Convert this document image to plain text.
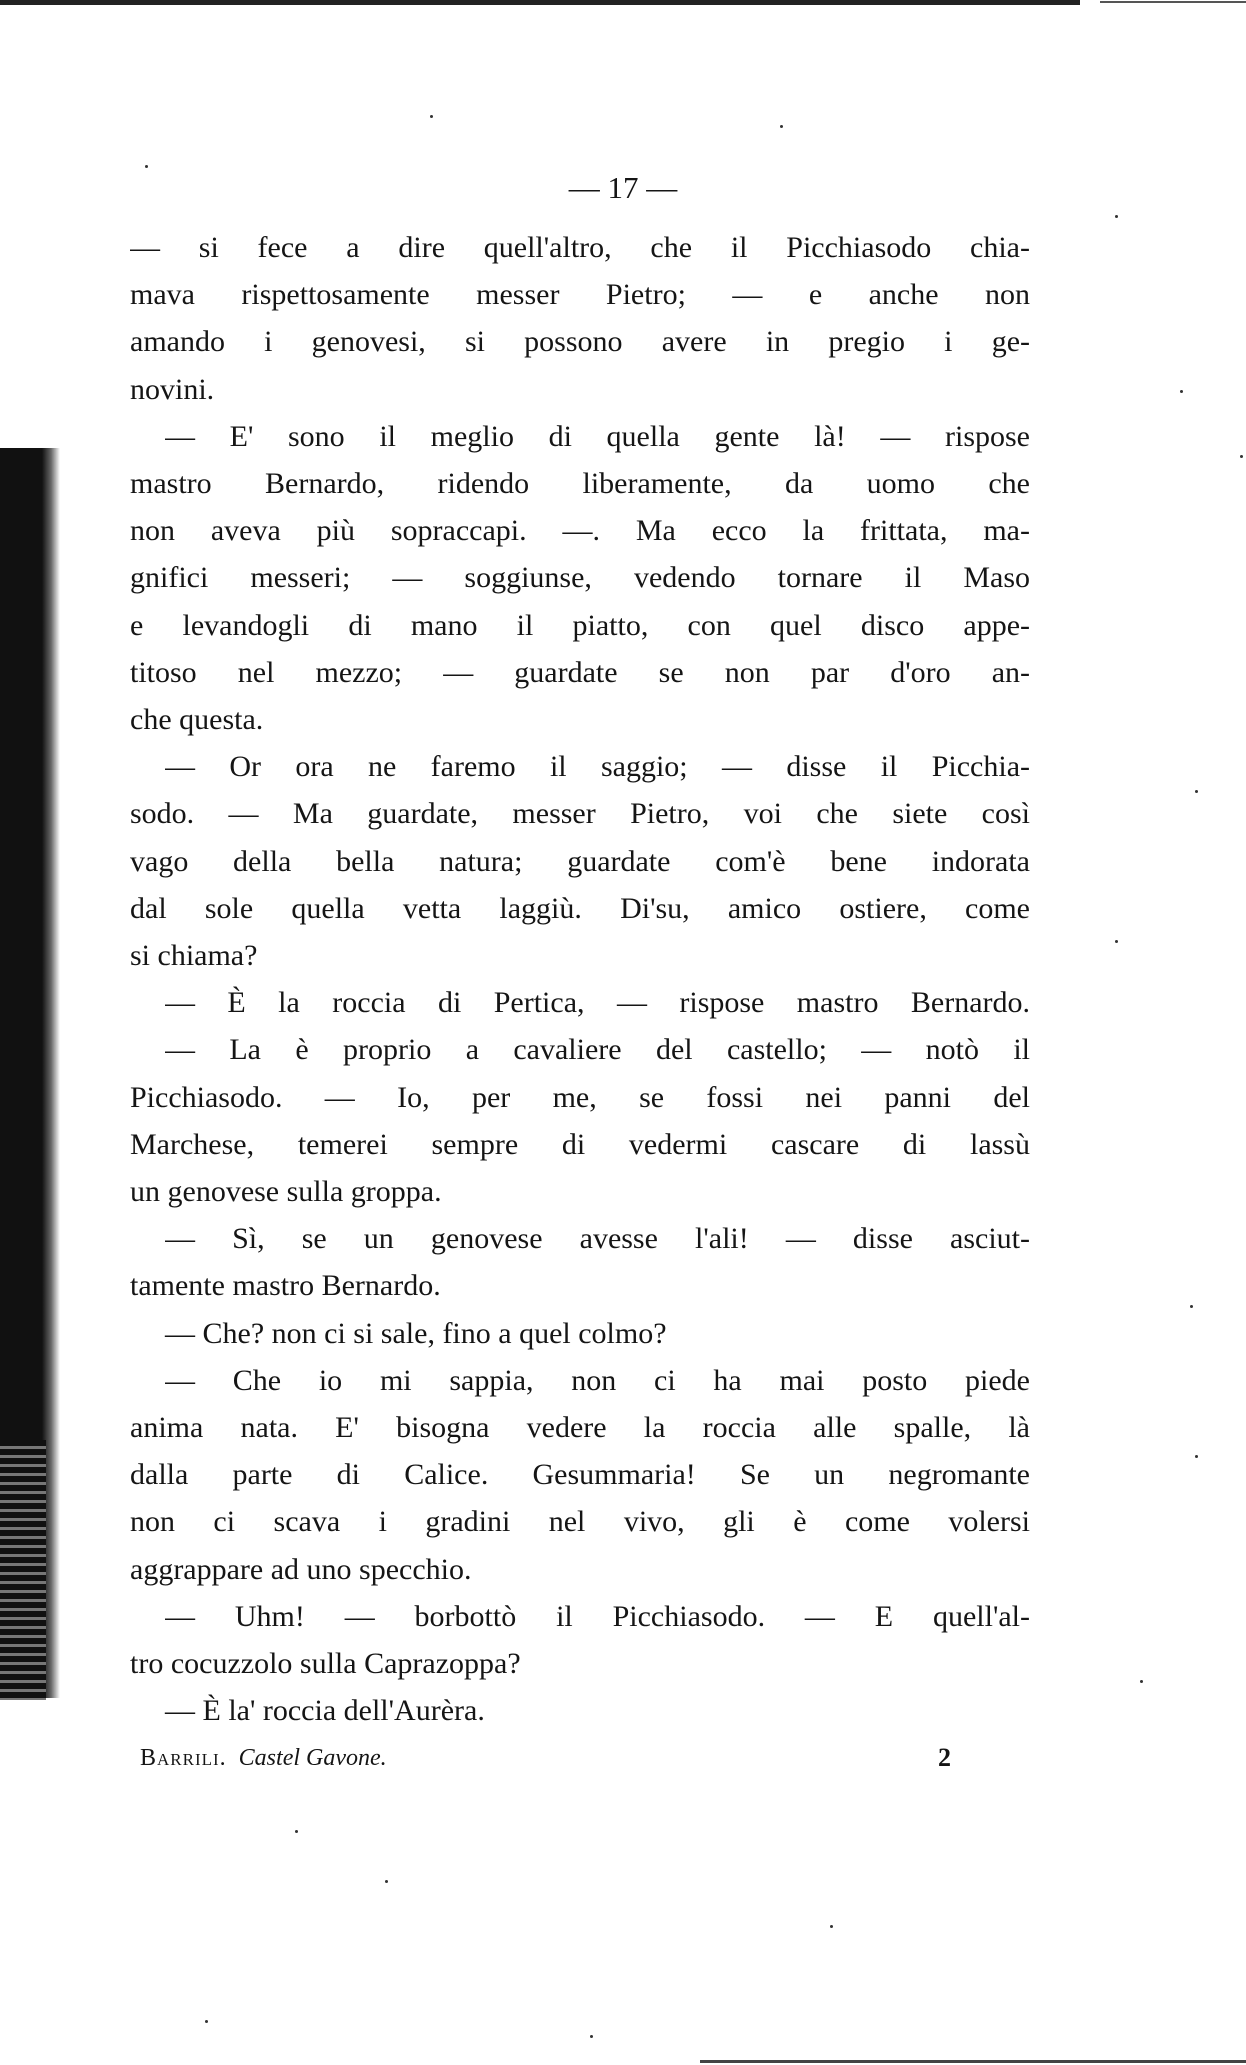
— 17 —
— si fece a dire quell'altro, che il Picchiasodo chia-
mava rispettosamente messer Pietro; — e anche non
amando i genovesi, si possono avere in pregio i ge-
novini.
— E' sono il meglio di quella gente là! — rispose
mastro Bernardo, ridendo liberamente, da uomo che
non aveva più sopraccapi. —. Ma ecco la frittata, ma-
gnifici messeri; — soggiunse, vedendo tornare il Maso
e levandogli di mano il piatto, con quel disco appe-
titoso nel mezzo; — guardate se non par d'oro an-
che questa.
— Or ora ne faremo il saggio; — disse il Picchia-
sodo. — Ma guardate, messer Pietro, voi che siete così
vago della bella natura; guardate com'è bene indorata
dal sole quella vetta laggiù. Di'su, amico ostiere, come
si chiama?
— È la roccia di Pertica, — rispose mastro Bernardo.
— La è proprio a cavaliere del castello; — notò il
Picchiasodo. — Io, per me, se fossi nei panni del
Marchese, temerei sempre di vedermi cascare di lassù
un genovese sulla groppa.
— Sì, se un genovese avesse l'ali! — disse asciut-
tamente mastro Bernardo.
— Che? non ci si sale, fino a quel colmo?
— Che io mi sappia, non ci ha mai posto piede
anima nata. E' bisogna vedere la roccia alle spalle, là
dalla parte di Calice. Gesummaria! Se un negromante
non ci scava i gradini nel vivo, gli è come volersi
aggrappare ad uno specchio.
— Uhm! — borbottò il Picchiasodo. — E quell'al-
tro cocuzzolo sulla Caprazoppa?
— È la' roccia dell'Aurèra.
Barrili. Castel Gavone.	2
